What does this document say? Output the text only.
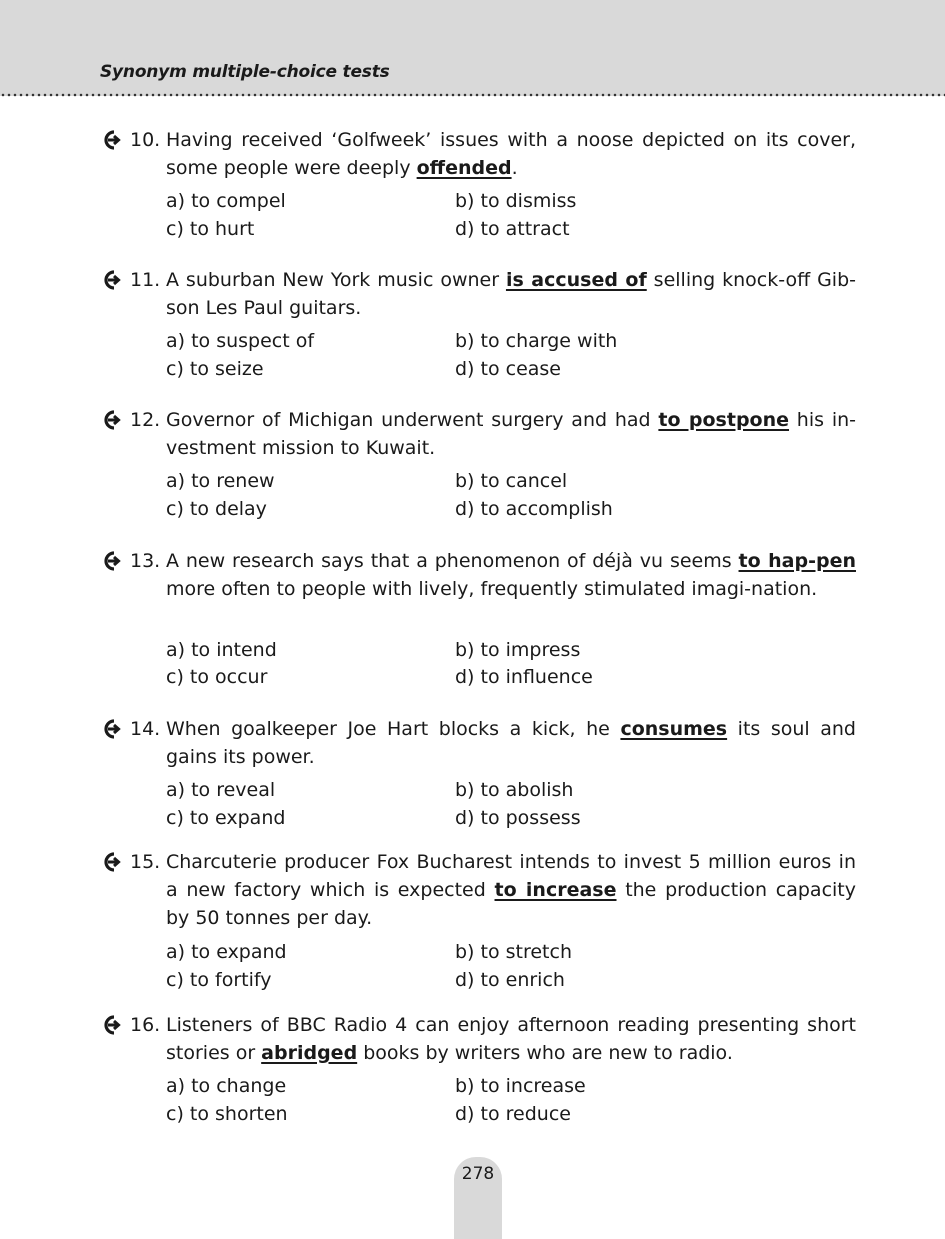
Synonym multiple-choice tests
10. Having received ‘Golfweek’ issues with a noose depicted on its cover, some people were deeply offended.
a) to compel	b) to dismiss
c) to hurt	d) to attract
11. A suburban New York music owner is accused of selling knock-off Gib-son Les Paul guitars.
a) to suspect of	b) to charge with
c) to seize	d) to cease
12. Governor of Michigan underwent surgery and had to postpone his in-vestment mission to Kuwait.
a) to renew	b) to cancel
c) to delay	d) to accomplish
13. A new research says that a phenomenon of déjà vu seems to hap-pen more often to people with lively, frequently stimulated imagi-nation.
a) to intend	b) to impress
c) to occur	d) to influence
14. When goalkeeper Joe Hart blocks a kick, he consumes its soul and gains its power.
a) to reveal	b) to abolish
c) to expand	d) to possess
15. Charcuterie producer Fox Bucharest intends to invest 5 million euros in a new factory which is expected to increase the production capacity by 50 tonnes per day.
a) to expand	b) to stretch
c) to fortify	d) to enrich
16. Listeners of BBC Radio 4 can enjoy afternoon reading presenting short stories or abridged books by writers who are new to radio.
a) to change	b) to increase
c) to shorten	d) to reduce
278
